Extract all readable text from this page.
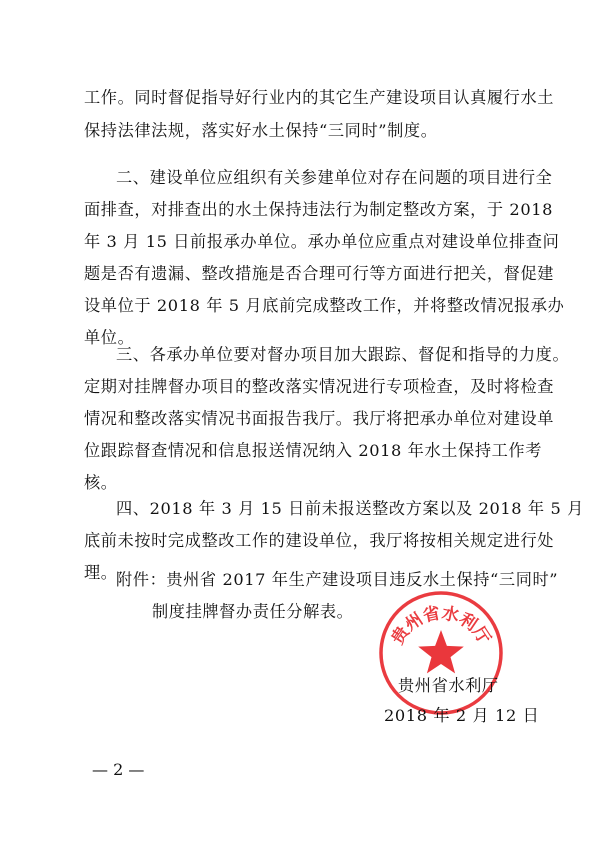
工作。同时督促指导好行业内的其它生产建设项目认真履行水土
保持法律法规，落实好水土保持“三同时”制度。
二、建设单位应组织有关参建单位对存在问题的项目进行全
面排查，对排查出的水土保持违法行为制定整改方案，于 2018
年 3 月 15 日前报承办单位。承办单位应重点对建设单位排查问
题是否有遗漏、整改措施是否合理可行等方面进行把关，督促建
设单位于 2018 年 5 月底前完成整改工作，并将整改情况报承办
单位。
三、各承办单位要对督办项目加大跟踪、督促和指导的力度。
定期对挂牌督办项目的整改落实情况进行专项检查，及时将检查
情况和整改落实情况书面报告我厅。我厅将把承办单位对建设单
位跟踪督查情况和信息报送情况纳入 2018 年水土保持工作考
核。
四、2018 年 3 月 15 日前未报送整改方案以及 2018 年 5 月
底前未按时完成整改工作的建设单位，我厅将按相关规定进行处
理。
附件：贵州省 2017 年生产建设项目违反水土保持“三同时”
制度挂牌督办责任分解表。
贵州省水利厅
贵州省水利厅
2018 年 2 月 12 日
— 2 —
